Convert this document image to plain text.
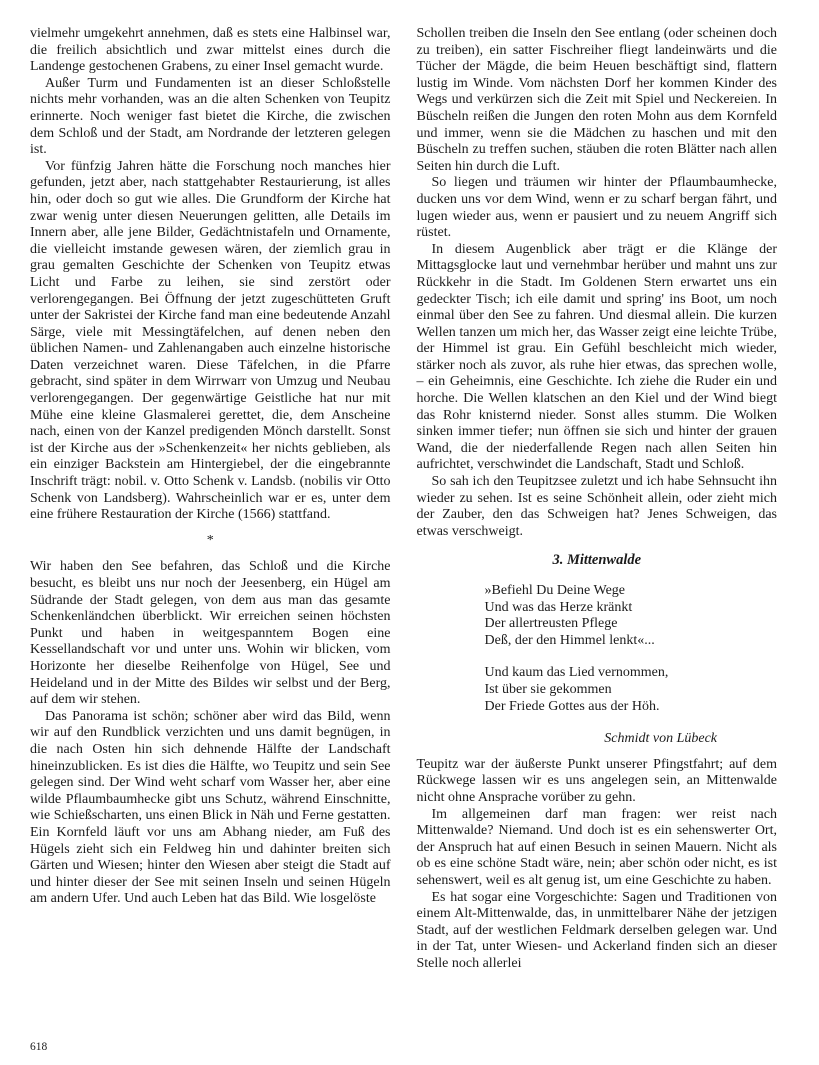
vielmehr umgekehrt annehmen, daß es stets eine Halbinsel war, die freilich absichtlich und zwar mittelst eines durch die Landenge gestochenen Grabens, zu einer Insel gemacht wurde.

Außer Turm und Fundamenten ist an dieser Schloßstelle nichts mehr vorhanden, was an die alten Schenken von Teupitz erinnerte. Noch weniger fast bietet die Kirche, die zwischen dem Schloß und der Stadt, am Nordrande der letzteren gelegen ist.

Vor fünfzig Jahren hätte die Forschung noch manches hier gefunden, jetzt aber, nach stattgehabter Restaurierung, ist alles hin, oder doch so gut wie alles. Die Grundform der Kirche hat zwar wenig unter diesen Neuerungen gelitten, alle Details im Innern aber, alle jene Bilder, Gedächtnistafeln und Ornamente, die vielleicht imstande gewesen wären, der ziemlich grau in grau gemalten Geschichte der Schenken von Teupitz etwas Licht und Farbe zu leihen, sie sind zerstört oder verlorengegangen. Bei Öffnung der jetzt zugeschütteten Gruft unter der Sakristei der Kirche fand man eine bedeutende Anzahl Särge, viele mit Messingtäfelchen, auf denen neben den üblichen Namen- und Zahlenangaben auch einzelne historische Daten verzeichnet waren. Diese Täfelchen, in die Pfarre gebracht, sind später in dem Wirrwarr von Umzug und Neubau verlorengegangen. Der gegenwärtige Geistliche hat nur mit Mühe eine kleine Glasmalerei gerettet, die, dem Anscheine nach, einen von der Kanzel predigenden Mönch darstellt. Sonst ist der Kirche aus der »Schenkenzeit« her nichts geblieben, als ein einziger Backstein am Hintergiebel, der die eingebrannte Inschrift trägt: nobil. v. Otto Schenk v. Landsb. (nobilis vir Otto Schenk von Landsberg). Wahrscheinlich war er es, unter dem eine frühere Restauration der Kirche (1566) stattfand.

*

Wir haben den See befahren, das Schloß und die Kirche besucht, es bleibt uns nur noch der Jeesenberg, ein Hügel am Südrande der Stadt gelegen, von dem aus man das gesamte Schenkenländchen überblickt. Wir erreichen seinen höchsten Punkt und haben in weitgespanntem Bogen eine Kessellandschaft vor und unter uns. Wohin wir blicken, vom Horizonte her dieselbe Reihenfolge von Hügel, See und Heideland und in der Mitte des Bildes wir selbst und der Berg, auf dem wir stehen.

Das Panorama ist schön; schöner aber wird das Bild, wenn wir auf den Rundblick verzichten und uns damit begnügen, in die nach Osten hin sich dehnende Hälfte der Landschaft hineinzublicken. Es ist dies die Hälfte, wo Teupitz und sein See gelegen sind. Der Wind weht scharf vom Wasser her, aber eine wilde Pflaumbaumhecke gibt uns Schutz, während Einschnitte, wie Schießscharten, uns einen Blick in Näh und Ferne gestatten. Ein Kornfeld läuft vor uns am Abhang nieder, am Fuß des Hügels zieht sich ein Feldweg hin und dahinter breiten sich Gärten und Wiesen; hinter den Wiesen aber steigt die Stadt auf und hinter dieser der See mit seinen Inseln und seinen Hügeln am andern Ufer. Und auch Leben hat das Bild. Wie losgelöste

Schollen treiben die Inseln den See entlang (oder scheinen doch zu treiben), ein satter Fischreiher fliegt landeinwärts und die Tücher der Mägde, die beim Heuen beschäftigt sind, flattern lustig im Winde. Vom nächsten Dorf her kommen Kinder des Wegs und verkürzen sich die Zeit mit Spiel und Neckereien. In Büscheln reißen die Jungen den roten Mohn aus dem Kornfeld und immer, wenn sie die Mädchen zu haschen und mit den Büscheln zu treffen suchen, stäuben die roten Blätter nach allen Seiten hin durch die Luft.

So liegen und träumen wir hinter der Pflaumbaumhecke, ducken uns vor dem Wind, wenn er zu scharf bergan fährt, und lugen wieder aus, wenn er pausiert und zu neuem Angriff sich rüstet.

In diesem Augenblick aber trägt er die Klänge der Mittagsglocke laut und vernehmbar herüber und mahnt uns zur Rückkehr in die Stadt. Im Goldenen Stern erwartet uns ein gedeckter Tisch; ich eile damit und spring' ins Boot, um noch einmal über den See zu fahren. Und diesmal allein. Die kurzen Wellen tanzen um mich her, das Wasser zeigt eine leichte Trübe, der Himmel ist grau. Ein Gefühl beschleicht mich wieder, stärker noch als zuvor, als ruhe hier etwas, das sprechen wolle, – ein Geheimnis, eine Geschichte. Ich ziehe die Ruder ein und horche. Die Wellen klatschen an den Kiel und der Wind biegt das Rohr knisternd nieder. Sonst alles stumm. Die Wolken sinken immer tiefer; nun öffnen sie sich und hinter der grauen Wand, die der niederfallende Regen nach allen Seiten hin aufrichtet, verschwindet die Landschaft, Stadt und Schloß.

So sah ich den Teupitzsee zuletzt und ich habe Sehnsucht ihn wieder zu sehen. Ist es seine Schönheit allein, oder zieht mich der Zauber, den das Schweigen hat? Jenes Schweigen, das etwas verschweigt.

3. Mittenwalde
»Befiehl Du Deine Wege
Und was das Herze kränkt
Der allertreusten Pflege
Deß, der den Himmel lenkt«...
Und kaum das Lied vernommen,
Ist über sie gekommen
Der Friede Gottes aus der Höh.
Schmidt von Lübeck

Teupitz war der äußerste Punkt unserer Pfingstfahrt; auf dem Rückwege lassen wir es uns angelegen sein, an Mittenwalde nicht ohne Ansprache vorüber zu gehn.

Im allgemeinen darf man fragen: wer reist nach Mittenwalde? Niemand. Und doch ist es ein sehenswerter Ort, der Anspruch hat auf einen Besuch in seinen Mauern. Nicht als ob es eine schöne Stadt wäre, nein; aber schön oder nicht, es ist sehenswert, weil es alt genug ist, um eine Geschichte zu haben.

Es hat sogar eine Vorgeschichte: Sagen und Traditionen von einem Alt-Mittenwalde, das, in unmittelbarer Nähe der jetzigen Stadt, auf der westlichen Feldmark derselben gelegen war. Und in der Tat, unter Wiesen- und Ackerland finden sich an dieser Stelle noch allerlei

618
